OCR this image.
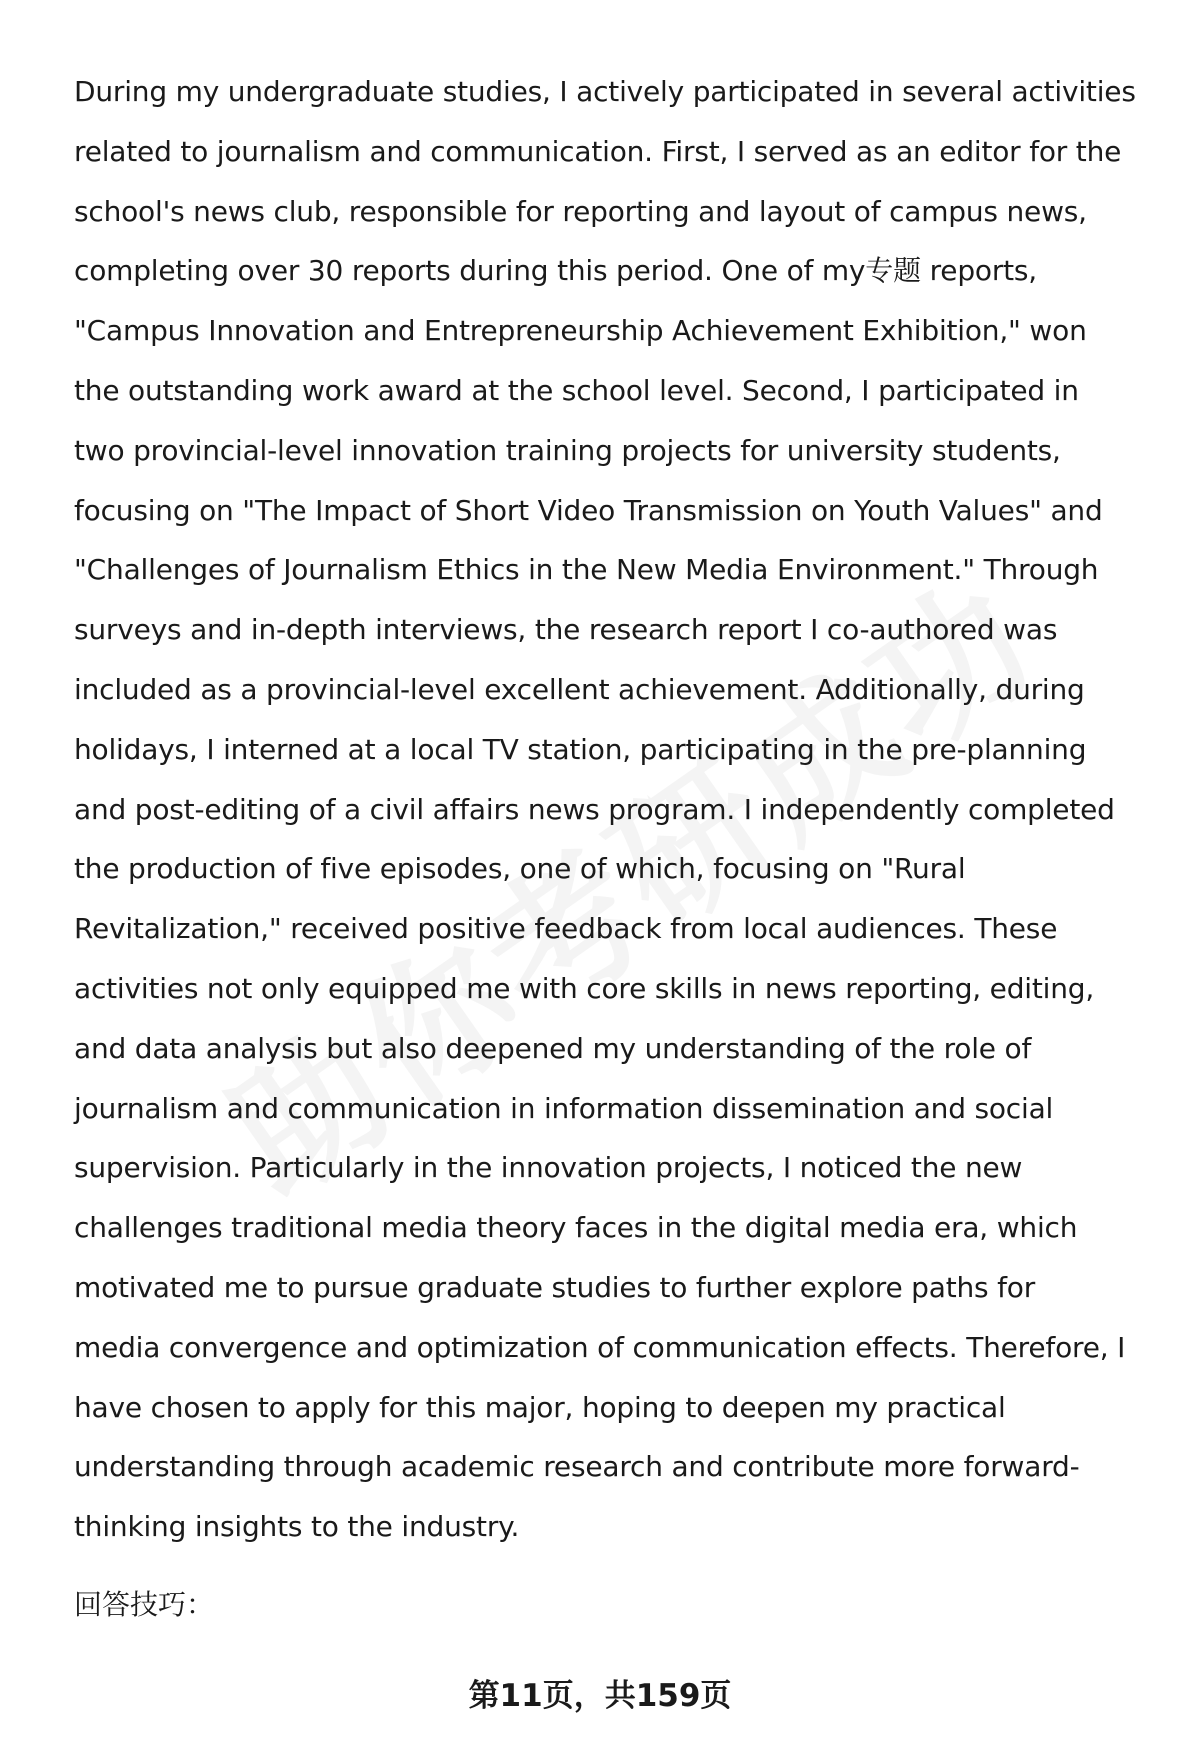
During my undergraduate studies, I actively participated in several activities
related to journalism and communication. First, I served as an editor for the
school's news club, responsible for reporting and layout of campus news,
completing over 30 reports during this period. One of my专题 reports,
"Campus Innovation and Entrepreneurship Achievement Exhibition," won
the outstanding work award at the school level. Second, I participated in
two provincial-level innovation training projects for university students,
focusing on "The Impact of Short Video Transmission on Youth Values" and
"Challenges of Journalism Ethics in the New Media Environment." Through
surveys and in-depth interviews, the research report I co-authored was
included as a provincial-level excellent achievement. Additionally, during
holidays, I interned at a local TV station, participating in the pre-planning
and post-editing of a civil affairs news program. I independently completed
the production of five episodes, one of which, focusing on "Rural
Revitalization," received positive feedback from local audiences. These
activities not only equipped me with core skills in news reporting, editing,
and data analysis but also deepened my understanding of the role of
journalism and communication in information dissemination and social
supervision. Particularly in the innovation projects, I noticed the new
challenges traditional media theory faces in the digital media era, which
motivated me to pursue graduate studies to further explore paths for
media convergence and optimization of communication effects. Therefore, I
have chosen to apply for this major, hoping to deepen my practical
understanding through academic research and contribute more forward-
thinking insights to the industry.

回答技巧：

第11页，共159页
